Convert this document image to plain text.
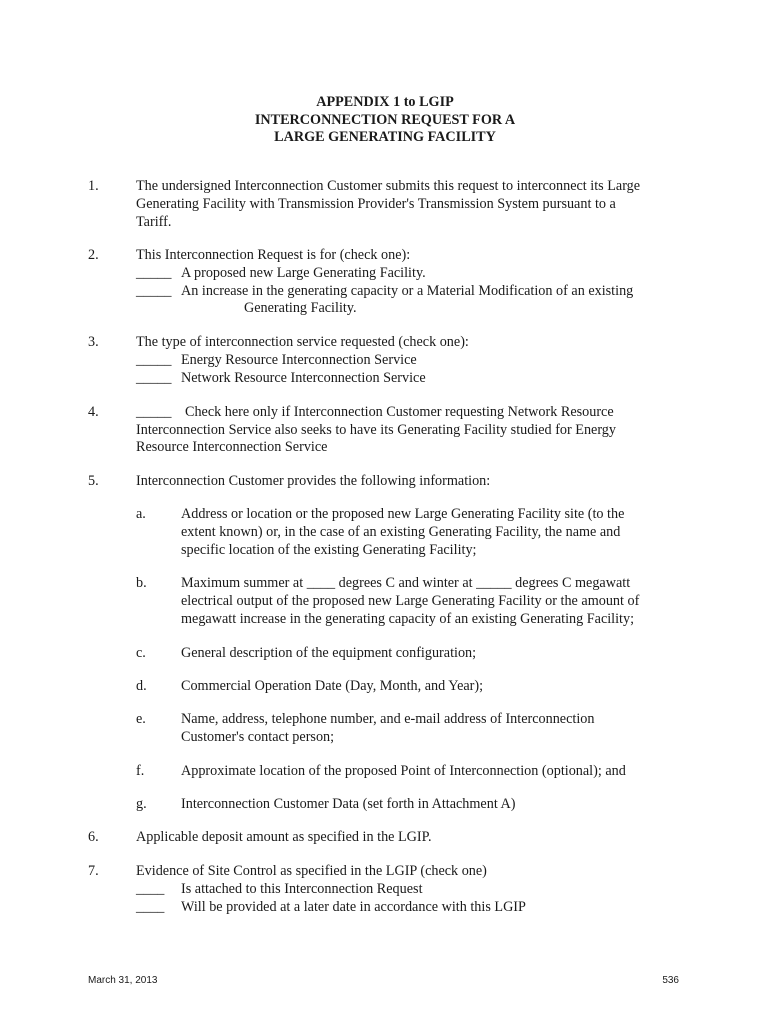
APPENDIX 1 to LGIP
INTERCONNECTION REQUEST FOR A
LARGE GENERATING FACILITY
1.	The undersigned Interconnection Customer submits this request to interconnect its Large
Generating Facility with Transmission Provider's Transmission System pursuant to a
Tariff.
2.	This Interconnection Request is for (check one):
_____ A proposed new Large Generating Facility.
_____ An increase in the generating capacity or a Material Modification of an existing
Generating Facility.
3.	The type of interconnection service requested (check one):
_____ Energy Resource Interconnection Service
_____ Network Resource Interconnection Service
4.	_____ Check here only if Interconnection Customer requesting Network Resource
Interconnection Service also seeks to have its Generating Facility studied for Energy
Resource Interconnection Service
5.	Interconnection Customer provides the following information:
a. Address or location or the proposed new Large Generating Facility site (to the
extent known) or, in the case of an existing Generating Facility, the name and
specific location of the existing Generating Facility;
b. Maximum summer at ____ degrees C and winter at _____ degrees C megawatt
electrical output of the proposed new Large Generating Facility or the amount of
megawatt increase in the generating capacity of an existing Generating Facility;
c. General description of the equipment configuration;
d. Commercial Operation Date (Day, Month, and Year);
e. Name, address, telephone number, and e-mail address of Interconnection
Customer's contact person;
f.	Approximate location of the proposed Point of Interconnection (optional); and
g. Interconnection Customer Data (set forth in Attachment A)
6.	Applicable deposit amount as specified in the LGIP.
7.	Evidence of Site Control as specified in the LGIP (check one)
____ Is attached to this Interconnection Request
____ Will be provided at a later date in accordance with this LGIP
March 31, 2013	536
